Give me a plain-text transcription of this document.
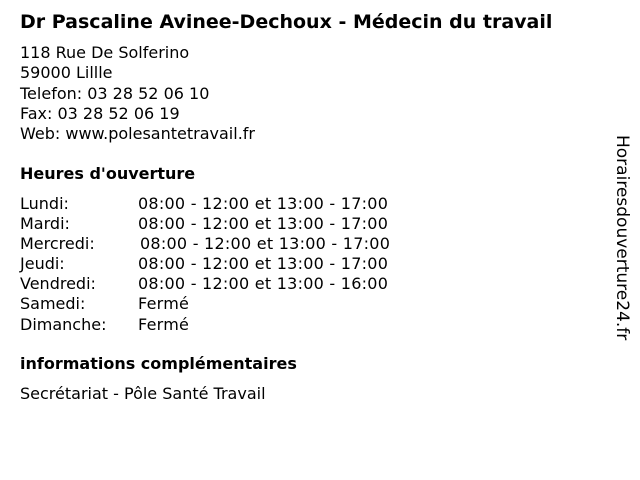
Dr Pascaline Avinee-Dechoux - Médecin du travail
118 Rue De Solferino
59000 Lillle
Telefon: 03 28 52 06 10
Fax: 03 28 52 06 19
Web: www.polesantetravail.fr
Heures d'ouverture
Lundi:	08:00 - 12:00 et 13:00 - 17:00
Mardi:	08:00 - 12:00 et 13:00 - 17:00
Mercredi:	08:00 - 12:00 et 13:00 - 17:00
Jeudi:	08:00 - 12:00 et 13:00 - 17:00
Vendredi:	08:00 - 12:00 et 13:00 - 16:00
Samedi:	Fermé
Dimanche: Fermé
informations complémentaires
Secrétariat - Pôle Santé Travail
Horairesdouverture24.fr
